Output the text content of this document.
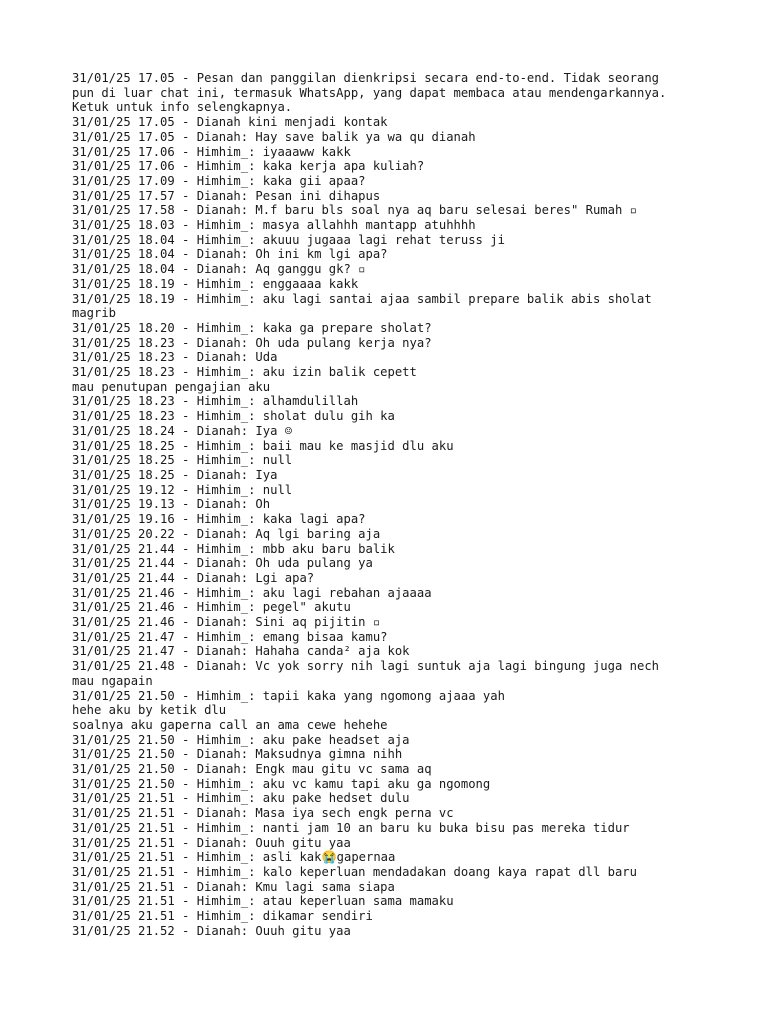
31/01/25 17.05 - Pesan dan panggilan dienkripsi secara end-to-end. Tidak seorang
pun di luar chat ini, termasuk WhatsApp, yang dapat membaca atau mendengarkannya.
Ketuk untuk info selengkapnya.
31/01/25 17.05 - Dianah kini menjadi kontak
31/01/25 17.05 - Dianah: Hay save balik ya wa qu dianah
31/01/25 17.06 - Himhim_: iyaaaww kakk
31/01/25 17.06 - Himhim_: kaka kerja apa kuliah?
31/01/25 17.09 - Himhim_: kaka gii apaa?
31/01/25 17.57 - Dianah: Pesan ini dihapus
31/01/25 17.58 - Dianah: M.f baru bls soal nya aq baru selesai beres" Rumah ▫
31/01/25 18.03 - Himhim_: masya allahhh mantapp atuhhhh
31/01/25 18.04 - Himhim_: akuuu jugaaa lagi rehat teruss ji
31/01/25 18.04 - Dianah: Oh ini km lgi apa?
31/01/25 18.04 - Dianah: Aq ganggu gk? ▫
31/01/25 18.19 - Himhim_: enggaaaa kakk
31/01/25 18.19 - Himhim_: aku lagi santai ajaa sambil prepare balik abis sholat
magrib
31/01/25 18.20 - Himhim_: kaka ga prepare sholat?
31/01/25 18.23 - Dianah: Oh uda pulang kerja nya?
31/01/25 18.23 - Dianah: Uda
31/01/25 18.23 - Himhim_: aku izin balik cepett
mau penutupan pengajian aku
31/01/25 18.23 - Himhim_: alhamdulillah
31/01/25 18.23 - Himhim_: sholat dulu gih ka
31/01/25 18.24 - Dianah: Iya ☺
31/01/25 18.25 - Himhim_: baii mau ke masjid dlu aku
31/01/25 18.25 - Himhim_: null
31/01/25 18.25 - Dianah: Iya
31/01/25 19.12 - Himhim_: null
31/01/25 19.13 - Dianah: Oh
31/01/25 19.16 - Himhim_: kaka lagi apa?
31/01/25 20.22 - Dianah: Aq lgi baring aja
31/01/25 21.44 - Himhim_: mbb aku baru balik
31/01/25 21.44 - Dianah: Oh uda pulang ya
31/01/25 21.44 - Dianah: Lgi apa?
31/01/25 21.46 - Himhim_: aku lagi rebahan ajaaaa
31/01/25 21.46 - Himhim_: pegel" akutu
31/01/25 21.46 - Dianah: Sini aq pijitin ▫
31/01/25 21.47 - Himhim_: emang bisaa kamu?
31/01/25 21.47 - Dianah: Hahaha canda² aja kok
31/01/25 21.48 - Dianah: Vc yok sorry nih lagi suntuk aja lagi bingung juga nech
mau ngapain
31/01/25 21.50 - Himhim_: tapii kaka yang ngomong ajaaa yah
hehe aku by ketik dlu
soalnya aku gaperna call an ama cewe hehehe
31/01/25 21.50 - Himhim_: aku pake headset aja
31/01/25 21.50 - Dianah: Maksudnya gimna nihh
31/01/25 21.50 - Dianah: Engk mau gitu vc sama aq
31/01/25 21.50 - Himhim_: aku vc kamu tapi aku ga ngomong
31/01/25 21.51 - Himhim_: aku pake hedset dulu
31/01/25 21.51 - Dianah: Masa iya sech engk perna vc
31/01/25 21.51 - Himhim_: nanti jam 10 an baru ku buka bisu pas mereka tidur
31/01/25 21.51 - Dianah: Ouuh gitu yaa
31/01/25 21.51 - Himhim_: asli kak😭gapernaa
31/01/25 21.51 - Himhim_: kalo keperluan mendadakan doang kaya rapat dll baru
31/01/25 21.51 - Dianah: Kmu lagi sama siapa
31/01/25 21.51 - Himhim_: atau keperluan sama mamaku
31/01/25 21.51 - Himhim_: dikamar sendiri
31/01/25 21.52 - Dianah: Ouuh gitu yaa
